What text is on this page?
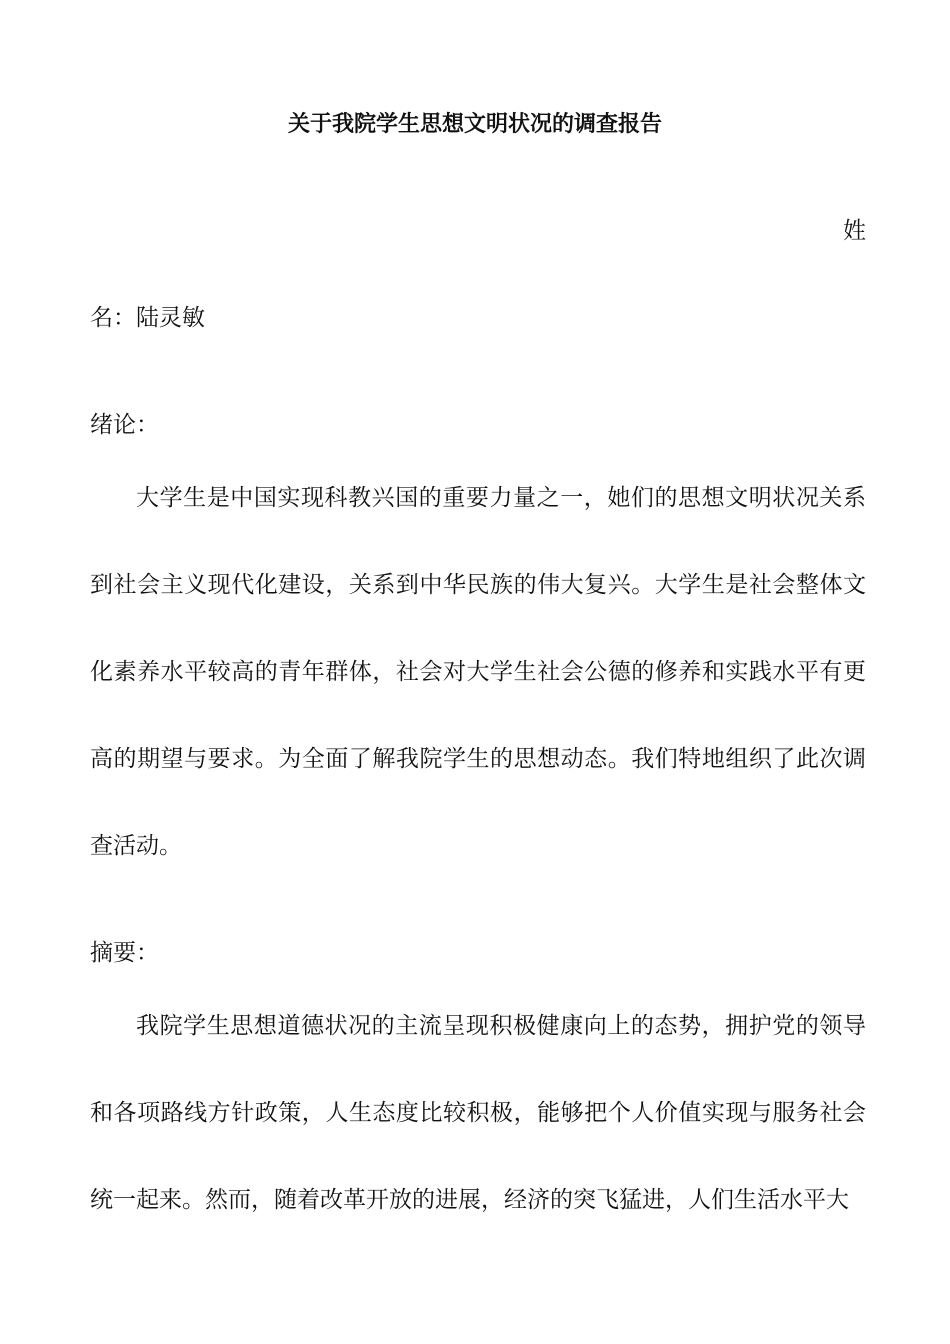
关于我院学生思想文明状况的调查报告
姓
名：陆灵敏
绪论：

大学生是中国实现科教兴国的重要力量之一，她们的思想文明状况关系到社会主义现代化建设，关系到中华民族的伟大复兴。大学生是社会整体文化素养水平较高的青年群体，社会对大学生社会公德的修养和实践水平有更高的期望与要求。为全面了解我院学生的思想动态。我们特地组织了此次调查活动。

摘要：

我院学生思想道德状况的主流呈现积极健康向上的态势，拥护党的领导和各项路线方针政策，人生态度比较积极，能够把个人价值实现与服务社会统一起来。然而，随着改革开放的进展，经济的突飞猛进，人们生活水平大
